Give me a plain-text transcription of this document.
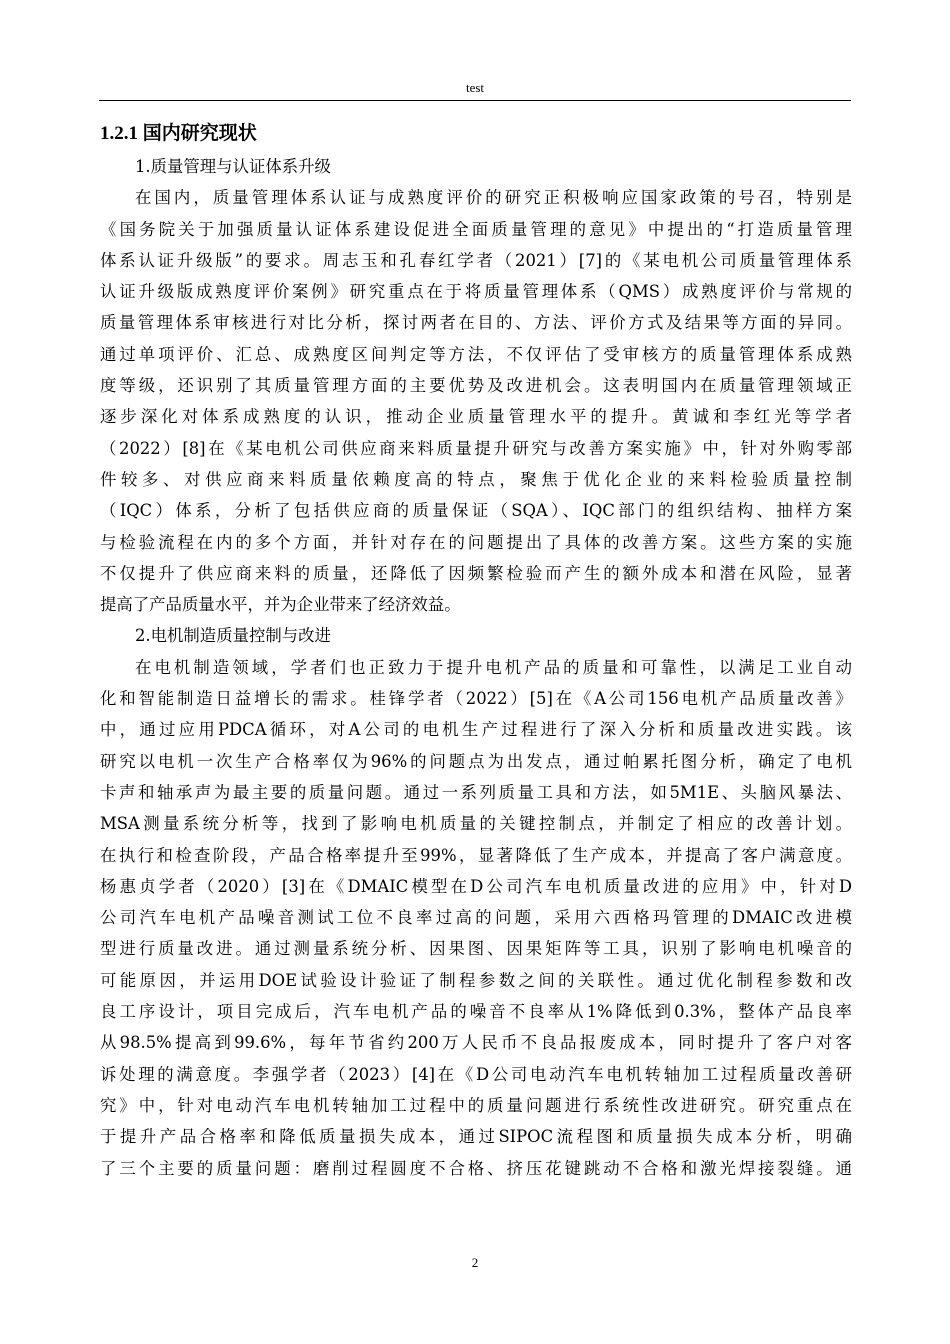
test
1.2.1 国内研究现状
1.质量管理与认证体系升级
在国内，质量管理体系认证与成熟度评价的研究正积极响应国家政策的号召，特别是
《国务院关于加强质量认证体系建设促进全面质量管理的意见》中提出的“打造质量管理
体系认证升级版”的要求。周志玉和孔春红学者（2021）[7]的《某电机公司质量管理体系
认证升级版成熟度评价案例》研究重点在于将质量管理体系（QMS）成熟度评价与常规的
质量管理体系审核进行对比分析，探讨两者在目的、方法、评价方式及结果等方面的异同。
通过单项评价、汇总、成熟度区间判定等方法，不仅评估了受审核方的质量管理体系成熟
度等级，还识别了其质量管理方面的主要优势及改进机会。这表明国内在质量管理领域正
逐步深化对体系成熟度的认识，推动企业质量管理水平的提升。黄诚和李红光等学者
（2022）[8]在《某电机公司供应商来料质量提升研究与改善方案实施》中，针对外购零部
件较多、对供应商来料质量依赖度高的特点，聚焦于优化企业的来料检验质量控制
（IQC）体系，分析了包括供应商的质量保证（SQA）、IQC部门的组织结构、抽样方案
与检验流程在内的多个方面，并针对存在的问题提出了具体的改善方案。这些方案的实施
不仅提升了供应商来料的质量，还降低了因频繁检验而产生的额外成本和潜在风险，显著
提高了产品质量水平，并为企业带来了经济效益。
2.电机制造质量控制与改进
在电机制造领域，学者们也正致力于提升电机产品的质量和可靠性，以满足工业自动
化和智能制造日益增长的需求。桂锋学者（2022）[5]在《A公司156电机产品质量改善》
中，通过应用PDCA循环，对A公司的电机生产过程进行了深入分析和质量改进实践。该
研究以电机一次生产合格率仅为96%的问题点为出发点，通过帕累托图分析，确定了电机
卡声和轴承声为最主要的质量问题。通过一系列质量工具和方法，如5M1E、头脑风暴法、
MSA测量系统分析等，找到了影响电机质量的关键控制点，并制定了相应的改善计划。
在执行和检查阶段，产品合格率提升至99%，显著降低了生产成本，并提高了客户满意度。
杨惠贞学者（2020）[3]在《DMAIC模型在D公司汽车电机质量改进的应用》中，针对D
公司汽车电机产品噪音测试工位不良率过高的问题，采用六西格玛管理的DMAIC改进模
型进行质量改进。通过测量系统分析、因果图、因果矩阵等工具，识别了影响电机噪音的
可能原因，并运用DOE试验设计验证了制程参数之间的关联性。通过优化制程参数和改
良工序设计，项目完成后，汽车电机产品的噪音不良率从1%降低到0.3%，整体产品良率
从98.5%提高到99.6%，每年节省约200万人民币不良品报废成本，同时提升了客户对客
诉处理的满意度。李强学者（2023）[4]在《D公司电动汽车电机转轴加工过程质量改善研
究》中，针对电动汽车电机转轴加工过程中的质量问题进行系统性改进研究。研究重点在
于提升产品合格率和降低质量损失成本，通过SIPOC流程图和质量损失成本分析，明确
了三个主要的质量问题：磨削过程圆度不合格、挤压花键跳动不合格和激光焊接裂缝。通
2
